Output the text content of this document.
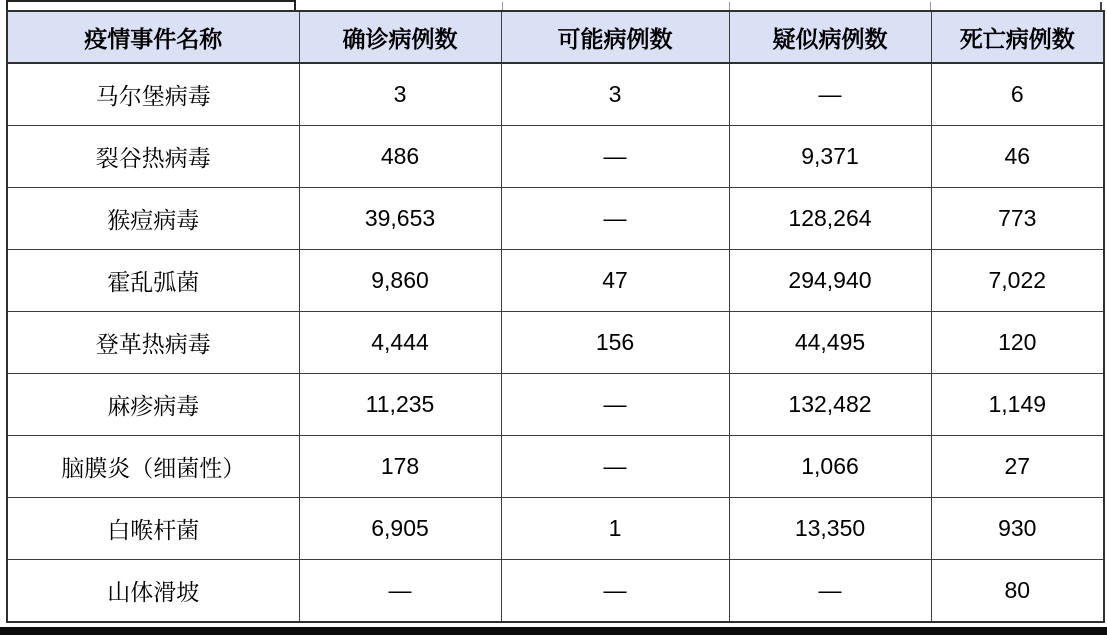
疫情事件名称	确诊病例数	可能病例数	疑似病例数	死亡病例数
马尔堡病毒	3	3	—	6
裂谷热病毒	486	—	9,371	46
猴痘病毒	39,653	—	128,264	773
霍乱弧菌	9,860	47	294,940	7,022
登革热病毒	4,444	156	44,495	120
麻疹病毒	11,235	—	132,482	1,149
脑膜炎（细菌性）	178	—	1,066	27
白喉杆菌	6,905	1	13,350	930
山体滑坡	—	—	—	80
